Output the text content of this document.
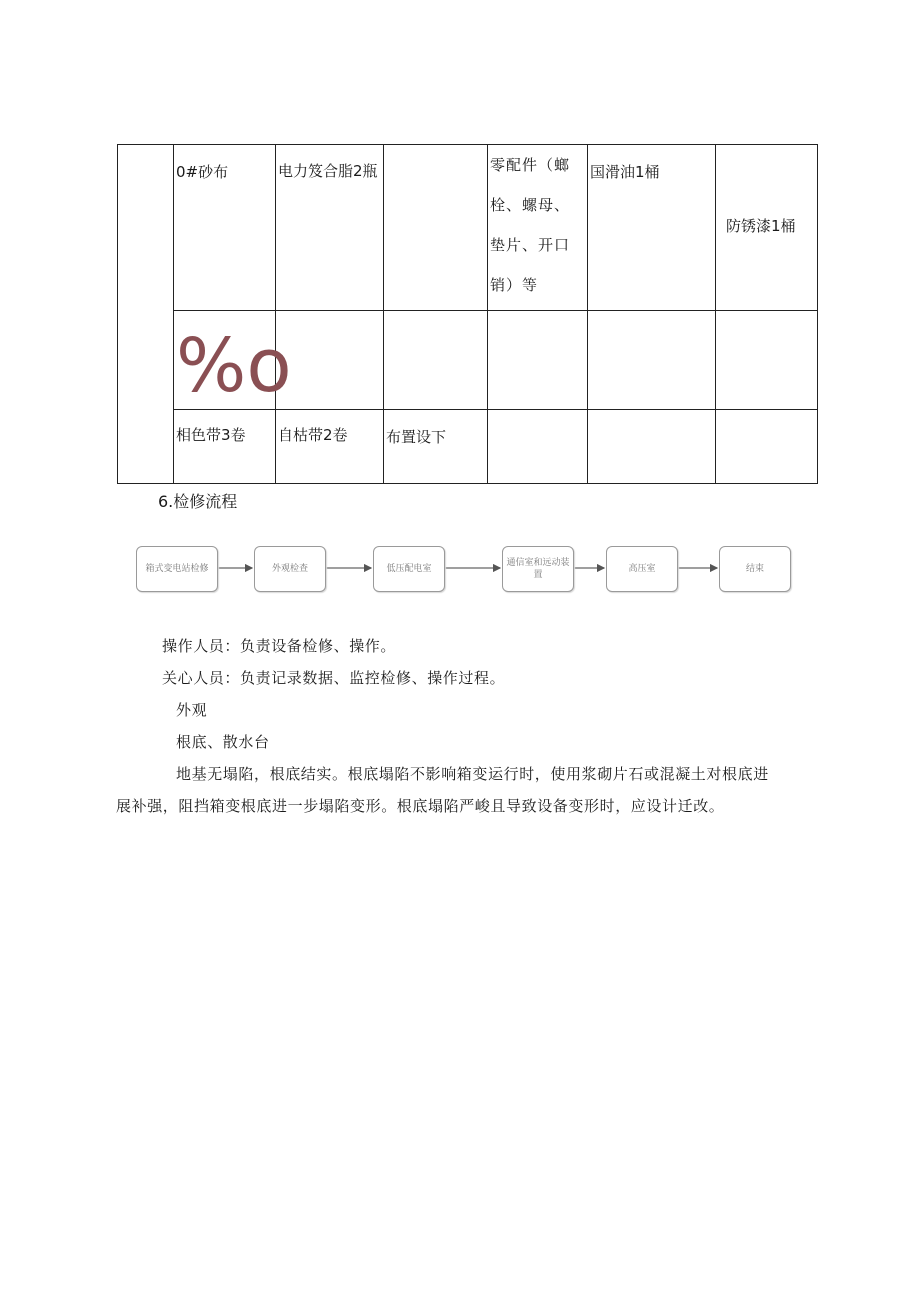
	0#砂布	电力笈合脂2瓶		零配件（螂栓、螺母、垫片、开口销）等	国滑油1桶	防锈漆1桶

	%o					

	相色带3卷	自枯带2卷	布置设下			

6.检修流程
箱式变电站检修	外观检查	低压配电室
通信室和远动装置
高压室	结束
操作人员：负责设备检修、操作。
关心人员：负责记录数据、监控检修、操作过程。
外观
根底、散水台
地基无塌陷，根底结实。根底塌陷不影响箱变运行时，使用浆砌片石或混凝土对根底进
展补强，阻挡箱变根底进一步塌陷变形。根底塌陷严峻且导致设备变形时，应设计迁改。
